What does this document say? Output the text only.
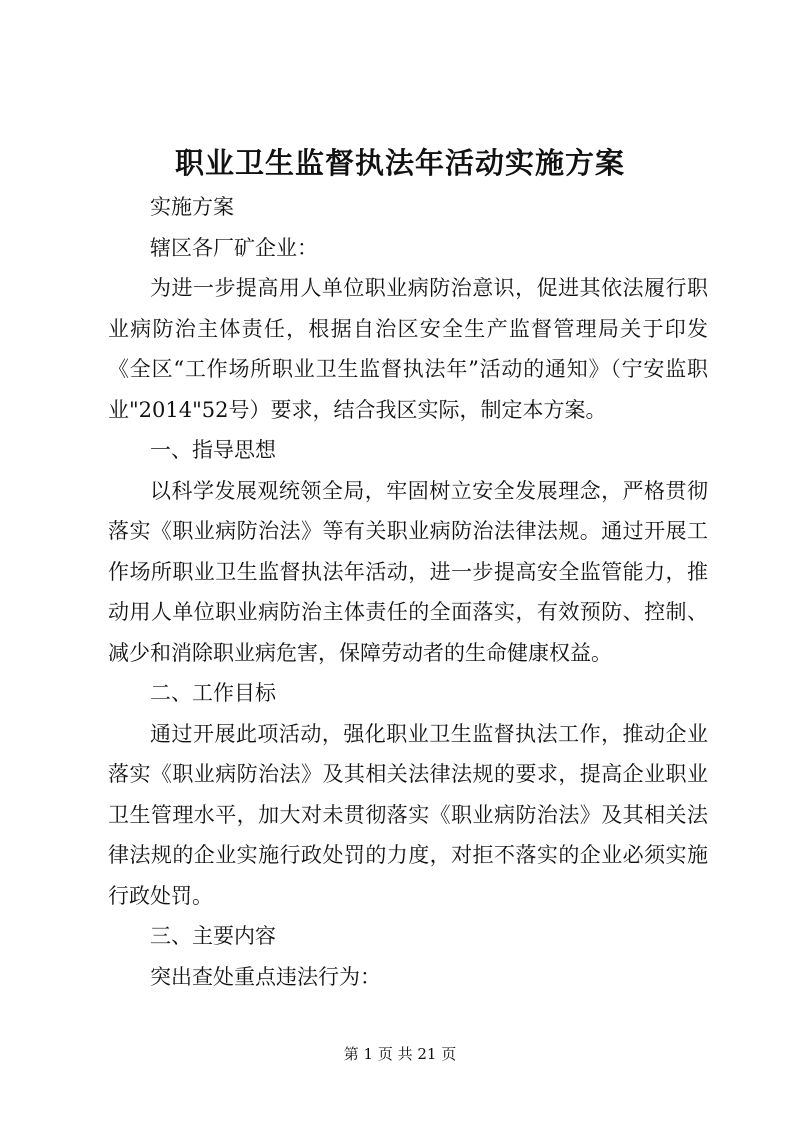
职业卫生监督执法年活动实施方案

实施方案

辖区各厂矿企业：

为进一步提高用人单位职业病防治意识，促进其依法履行职业病防治主体责任，根据自治区安全生产监督管理局关于印发《全区“工作场所职业卫生监督执法年”活动的通知》（宁安监职业"2014"52号）要求，结合我区实际，制定本方案。

一、指导思想

以科学发展观统领全局，牢固树立安全发展理念，严格贯彻落实《职业病防治法》等有关职业病防治法律法规。通过开展工作场所职业卫生监督执法年活动，进一步提高安全监管能力，推动用人单位职业病防治主体责任的全面落实，有效预防、控制、减少和消除职业病危害，保障劳动者的生命健康权益。

二、工作目标

通过开展此项活动，强化职业卫生监督执法工作，推动企业落实《职业病防治法》及其相关法律法规的要求，提高企业职业卫生管理水平，加大对未贯彻落实《职业病防治法》及其相关法律法规的企业实施行政处罚的力度，对拒不落实的企业必须实施行政处罚。

三、主要内容

突出查处重点违法行为：

第 1 页 共 21 页
